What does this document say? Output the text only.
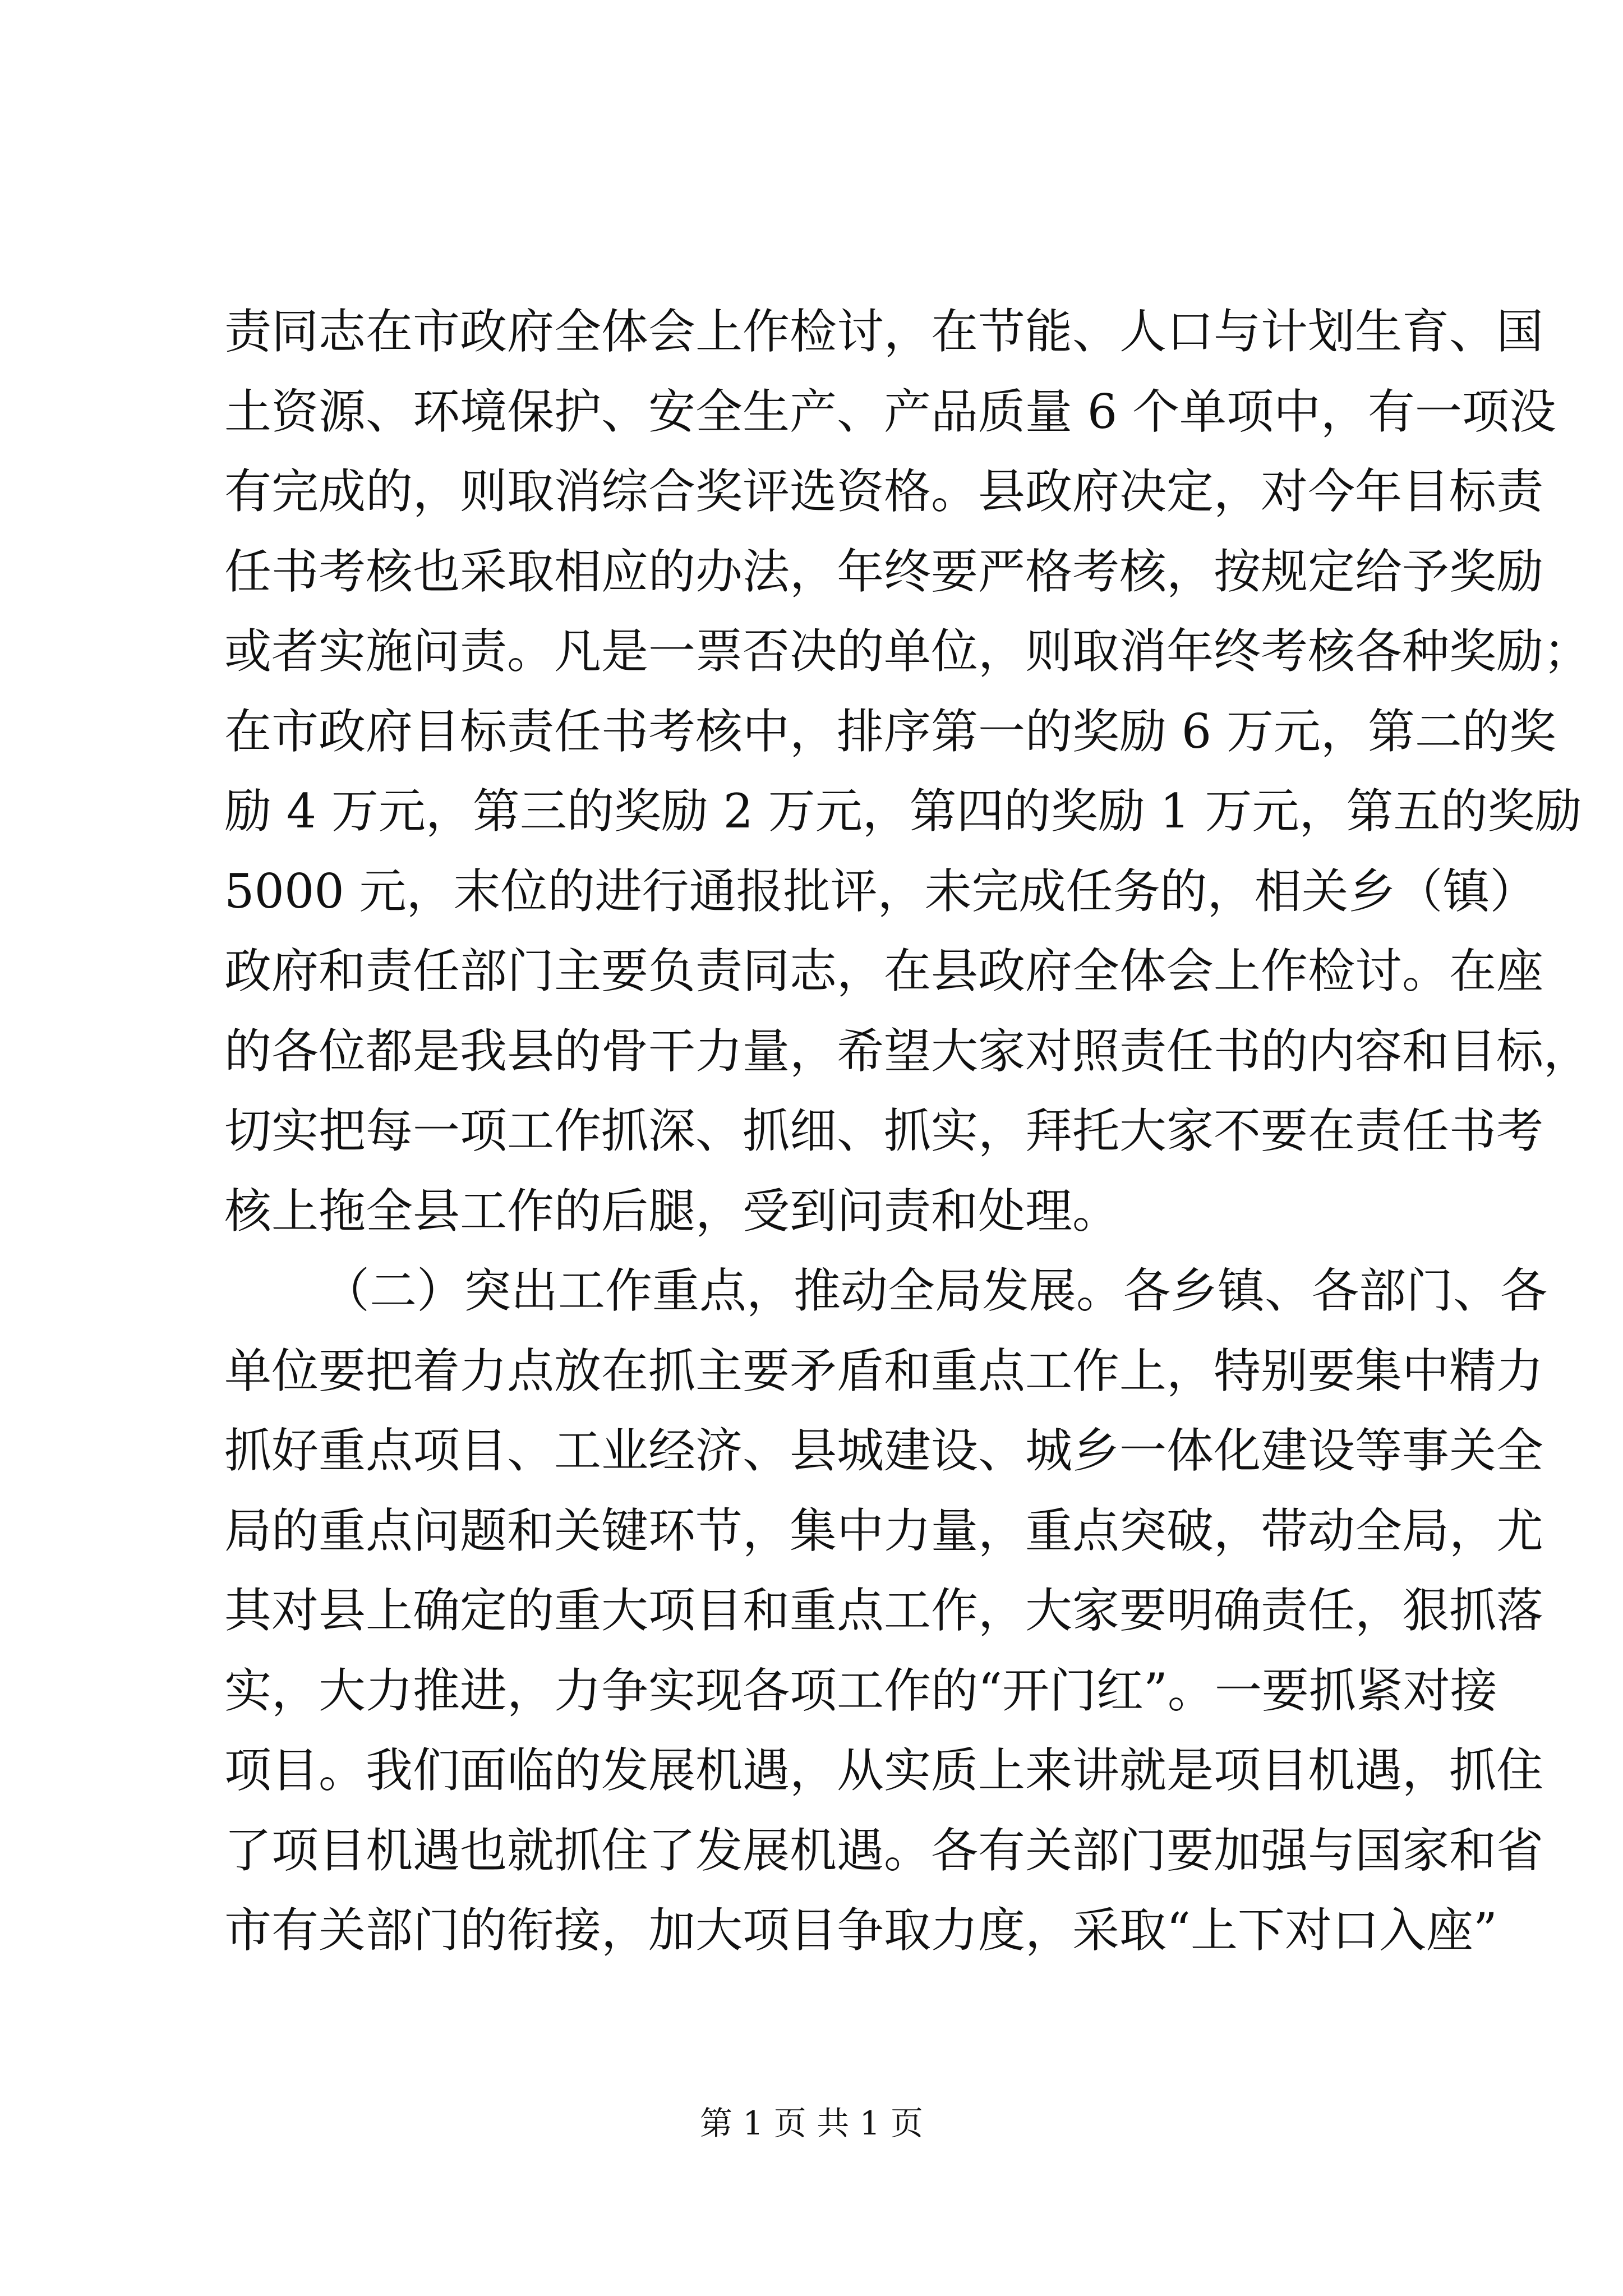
责同志在市政府全体会上作检讨，在节能、人口与计划生育、国
土资源、环境保护、安全生产、产品质量 6 个单项中，有一项没
有完成的，则取消综合奖评选资格。县政府决定，对今年目标责
任书考核也采取相应的办法，年终要严格考核，按规定给予奖励
或者实施问责。凡是一票否决的单位，则取消年终考核各种奖励；
在市政府目标责任书考核中，排序第一的奖励 6 万元，第二的奖
励 4 万元，第三的奖励 2 万元，第四的奖励 1 万元，第五的奖励
5000 元，末位的进行通报批评，未完成任务的，相关乡（镇）
政府和责任部门主要负责同志，在县政府全体会上作检讨。在座
的各位都是我县的骨干力量，希望大家对照责任书的内容和目标，
切实把每一项工作抓深、抓细、抓实，拜托大家不要在责任书考
核上拖全县工作的后腿，受到问责和处理。
（二）突出工作重点，推动全局发展。各乡镇、各部门、各
单位要把着力点放在抓主要矛盾和重点工作上，特别要集中精力
抓好重点项目、工业经济、县城建设、城乡一体化建设等事关全
局的重点问题和关键环节，集中力量，重点突破，带动全局，尤
其对县上确定的重大项目和重点工作，大家要明确责任，狠抓落
实，大力推进，力争实现各项工作的“开门红”。一要抓紧对接
项目。我们面临的发展机遇，从实质上来讲就是项目机遇，抓住
了项目机遇也就抓住了发展机遇。各有关部门要加强与国家和省
市有关部门的衔接，加大项目争取力度，采取“上下对口入座”
第 1 页 共 1 页
